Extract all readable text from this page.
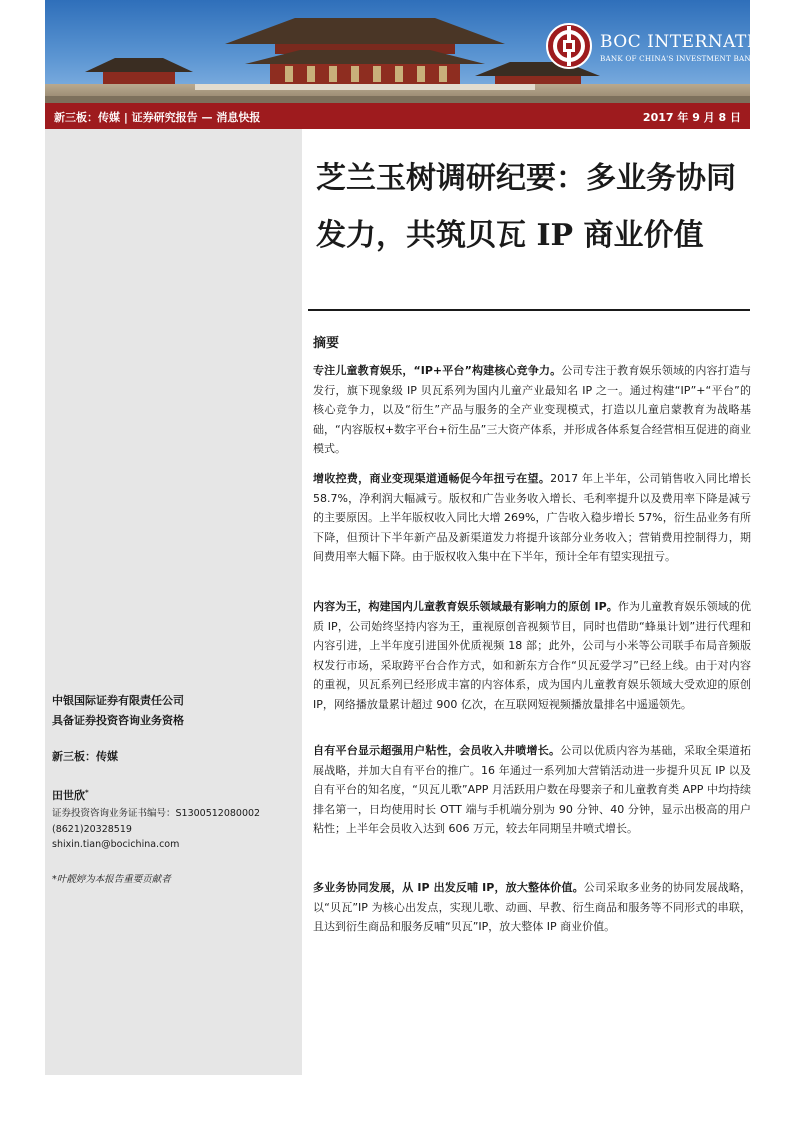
BOC INTERNATIONAL
BANK OF CHINA'S INVESTMENT BANKING GROUP
新三板：传媒 | 证券研究报告 — 消息快报	2017 年 9 月 8 日
中银国际证券有限责任公司
具备证券投资咨询业务资格
新三板：传媒
田世欣*
证券投资咨询业务证书编号：S1300512080002
(8621)20328519
shixin.tian@bocichina.com
*叶靓婷为本报告重要贡献者
芝兰玉树调研纪要：多业务协同发力，共筑贝瓦 IP 商业价值
摘要
专注儿童教育娱乐，“IP+平台”构建核心竞争力。公司专注于教育娱乐领域的内容打造与发行，旗下现象级 IP 贝瓦系列为国内儿童产业最知名 IP 之一。通过构建“IP”+“平台”的核心竞争力，以及“衍生”产品与服务的全产业变现模式，打造以儿童启蒙教育为战略基础，“内容版权+数字平台+衍生品”三大资产体系，并形成各体系复合经营相互促进的商业模式。
增收控费，商业变现渠道通畅促今年扭亏在望。2017 年上半年，公司销售收入同比增长 58.7%，净利润大幅减亏。版权和广告业务收入增长、毛利率提升以及费用率下降是减亏的主要原因。上半年版权收入同比大增 269%，广告收入稳步增长 57%，衍生品业务有所下降，但预计下半年新产品及新渠道发力将提升该部分业务收入；营销费用控制得力，期间费用率大幅下降。由于版权收入集中在下半年，预计全年有望实现扭亏。
内容为王，构建国内儿童教育娱乐领域最有影响力的原创 IP。作为儿童教育娱乐领域的优质 IP，公司始终坚持内容为王，重视原创音视频节目，同时也借助“蜂巢计划”进行代理和内容引进，上半年度引进国外优质视频 18 部；此外，公司与小米等公司联手布局音频版权发行市场，采取跨平台合作方式，如和新东方合作“贝瓦爱学习”已经上线。由于对内容的重视，贝瓦系列已经形成丰富的内容体系，成为国内儿童教育娱乐领域大受欢迎的原创 IP，网络播放量累计超过 900 亿次，在互联网短视频播放量排名中遥遥领先。
自有平台显示超强用户粘性，会员收入井喷增长。公司以优质内容为基础，采取全渠道拓展战略，并加大自有平台的推广。16 年通过一系列加大营销活动进一步提升贝瓦 IP 以及自有平台的知名度，“贝瓦儿歌”APP 月活跃用户数在母婴亲子和儿童教育类 APP 中均持续排名第一，日均使用时长 OTT 端与手机端分别为 90 分钟、40 分钟，显示出极高的用户粘性；上半年会员收入达到 606 万元，较去年同期呈井喷式增长。
多业务协同发展，从 IP 出发反哺 IP，放大整体价值。公司采取多业务的协同发展战略，以“贝瓦”IP 为核心出发点，实现儿歌、动画、早教、衍生商品和服务等不同形式的串联，且达到衍生商品和服务反哺“贝瓦”IP，放大整体 IP 商业价值。
